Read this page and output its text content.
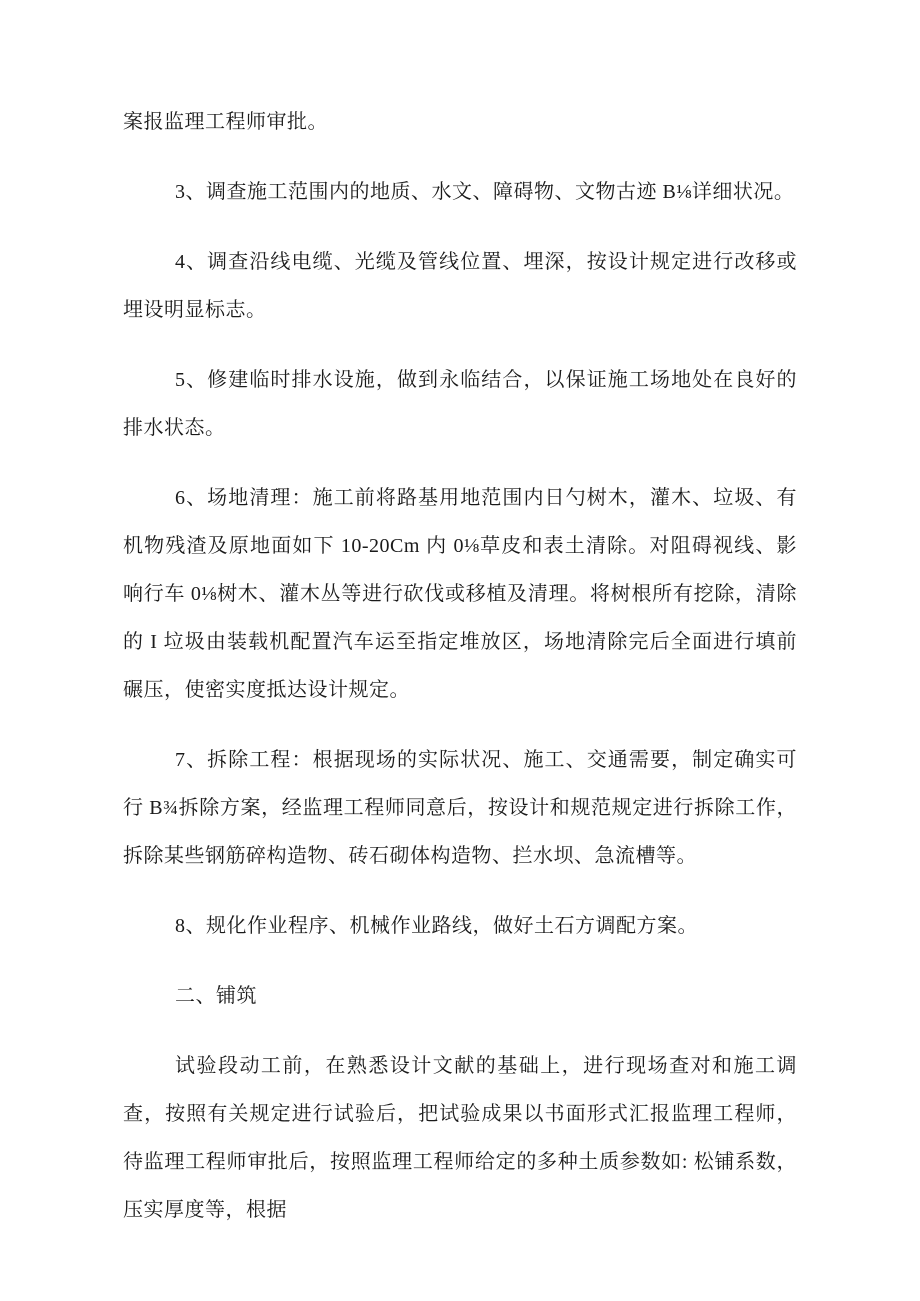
案报监理工程师审批。

3、调查施工范围内的地质、水文、障碍物、文物古迹 B⅛详细状况。

4、调查沿线电缆、光缆及管线位置、埋深，按设计规定进行改移或埋设明显标志。

5、修建临时排水设施，做到永临结合，以保证施工场地处在良好的排水状态。

6、场地清理：施工前将路基用地范围内日勺树木，灌木、垃圾、有机物残渣及原地面如下 10-20Cm 内 0⅛草皮和表土清除。对阻碍视线、影响行车 0⅛树木、灌木丛等进行砍伐或移植及清理。将树根所有挖除，清除的 I 垃圾由装载机配置汽车运至指定堆放区，场地清除完后全面进行填前碾压，使密实度抵达设计规定。

7、拆除工程：根据现场的实际状况、施工、交通需要，制定确实可行 B¾拆除方案，经监理工程师同意后，按设计和规范规定进行拆除工作，拆除某些钢筋碎构造物、砖石砌体构造物、拦水坝、急流槽等。

8、规化作业程序、机械作业路线，做好土石方调配方案。

二、铺筑

试验段动工前，在熟悉设计文献的基础上，进行现场查对和施工调查，按照有关规定进行试验后，把试验成果以书面形式汇报监理工程师，待监理工程师审批后，按照监理工程师给定的多种土质参数如: 松铺系数，压实厚度等，根据
